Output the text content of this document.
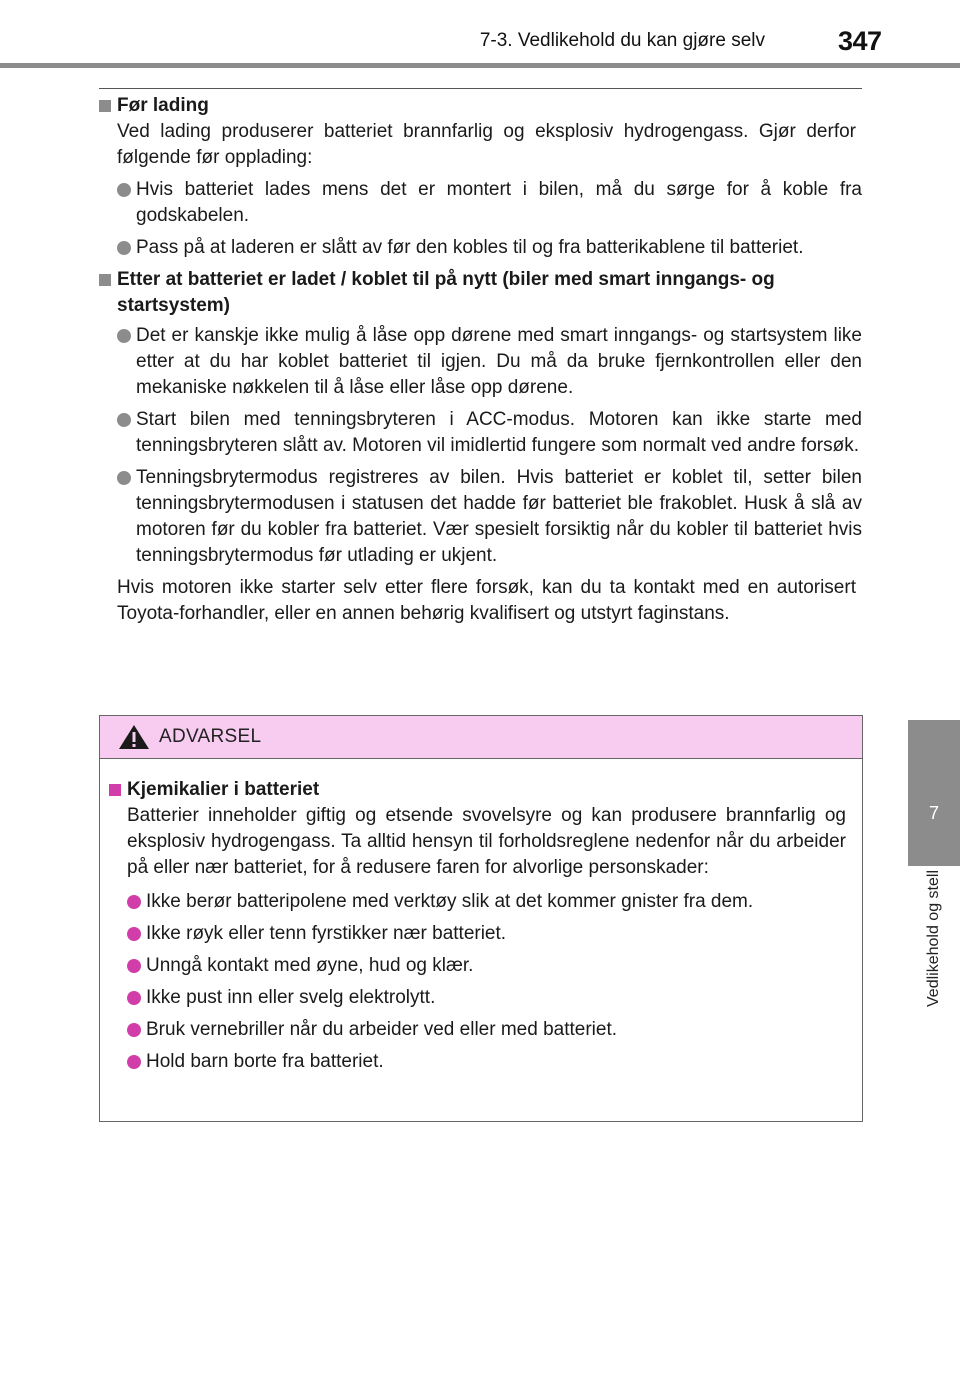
7-3. Vedlikehold du kan gjøre selv	347
7
Vedlikehold og stell
Før lading

Ved lading produserer batteriet brannfarlig og eksplosiv hydrogengass. Gjør derfor følgende før opplading:

Hvis batteriet lades mens det er montert i bilen, må du sørge for å koble fra godskabelen.
Pass på at laderen er slått av før den kobles til og fra batterikablene til batteriet.
Etter at batteriet er ladet / koblet til på nytt (biler med smart inngangs- og startsystem)
Det er kanskje ikke mulig å låse opp dørene med smart inngangs- og startsystem like etter at du har koblet batteriet til igjen. Du må da bruke fjernkontrollen eller den mekaniske nøkkelen til å låse eller låse opp dørene.
Start bilen med tenningsbryteren i ACC-modus. Motoren kan ikke starte med tenningsbryteren slått av. Motoren vil imidlertid fungere som normalt ved andre forsøk.
Tenningsbrytermodus registreres av bilen. Hvis batteriet er koblet til, setter bilen tenningsbrytermodusen i statusen det hadde før batteriet ble frakoblet. Husk å slå av motoren før du kobler fra batteriet. Vær spesielt forsiktig når du kobler til batteriet hvis tenningsbrytermodus før utlading er ukjent.

Hvis motoren ikke starter selv etter flere forsøk, kan du ta kontakt med en autorisert Toyota-forhandler, eller en annen behørig kvalifisert og utstyrt faginstans.

ADVARSEL
Kjemikalier i batteriet

Batterier inneholder giftig og etsende svovelsyre og kan produsere brannfarlig og eksplosiv hydrogengass. Ta alltid hensyn til forholdsreglene nedenfor når du arbeider på eller nær batteriet, for å redusere faren for alvorlige personskader:

Ikke berør batteripolene med verktøy slik at det kommer gnister fra dem.
Ikke røyk eller tenn fyrstikker nær batteriet.
Unngå kontakt med øyne, hud og klær.
Ikke pust inn eller svelg elektrolytt.
Bruk vernebriller når du arbeider ved eller med batteriet.
Hold barn borte fra batteriet.
